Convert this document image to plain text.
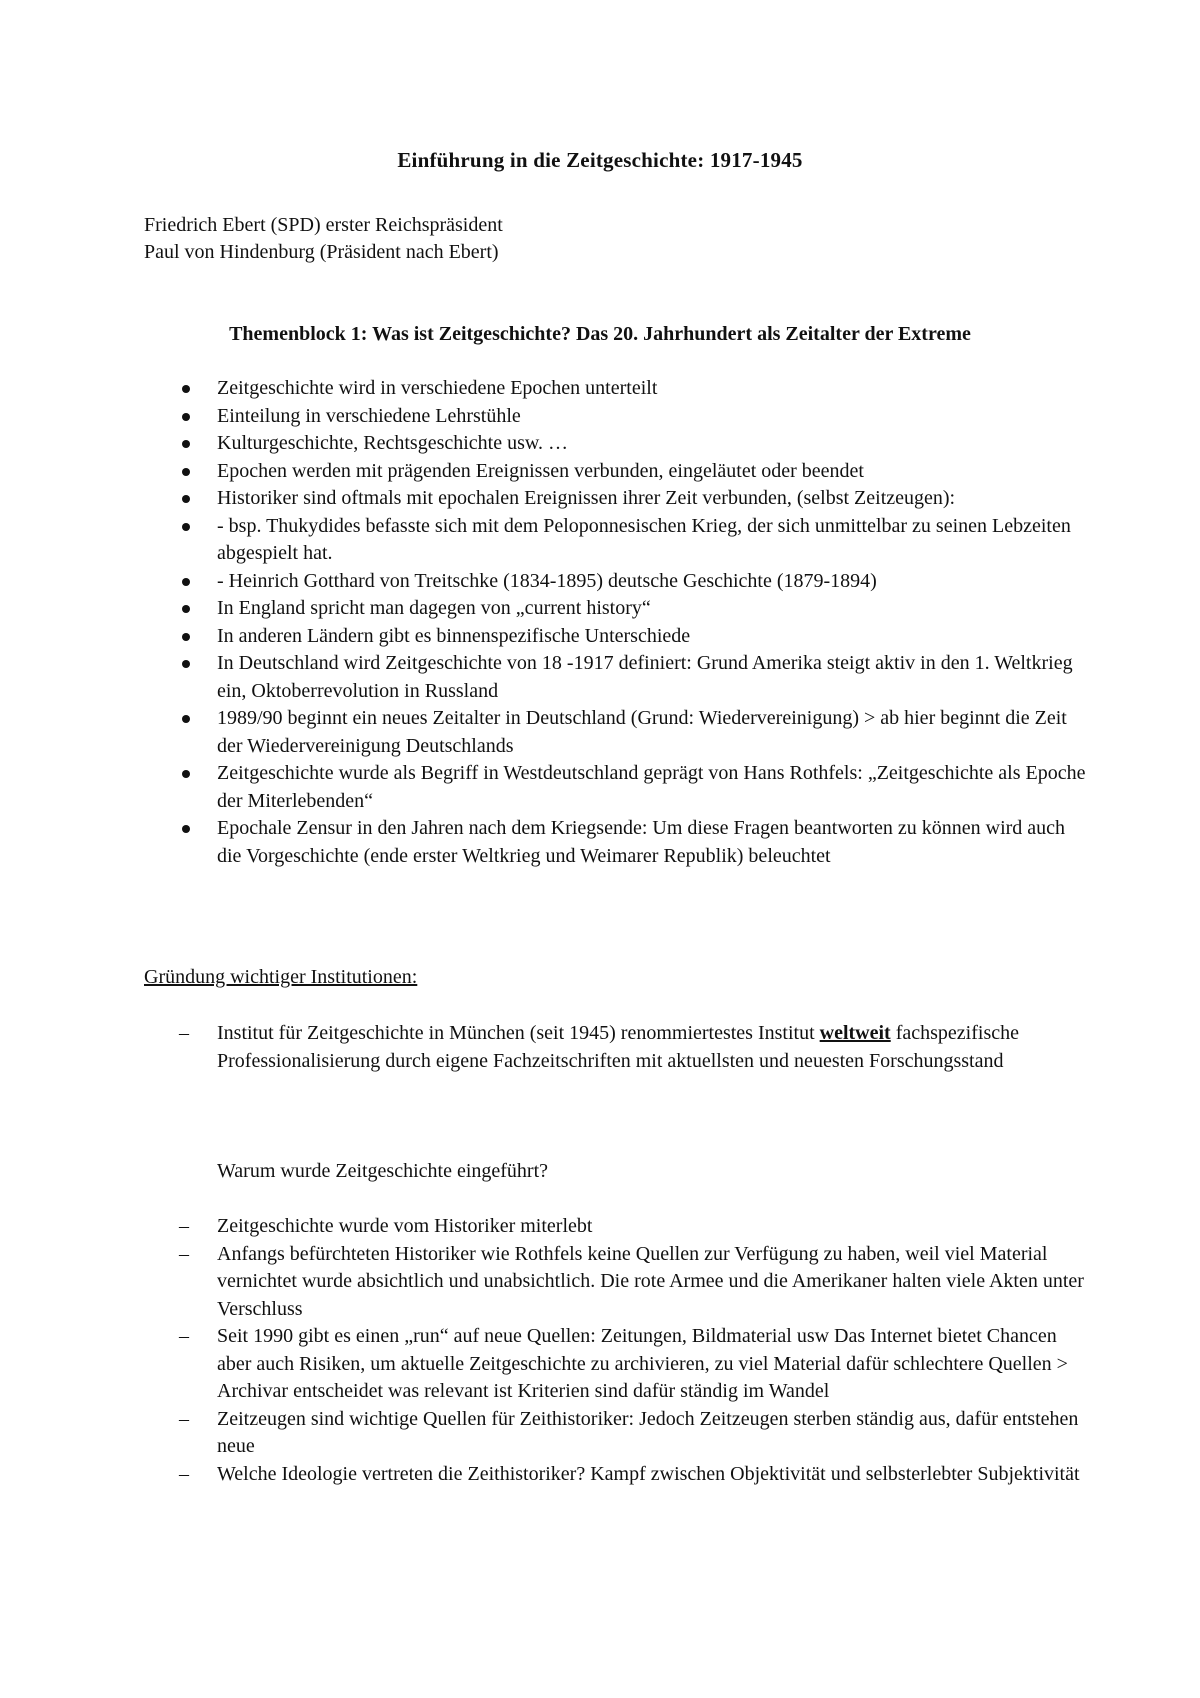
Einführung in die Zeitgeschichte: 1917-1945
Friedrich Ebert (SPD) erster Reichspräsident
Paul von Hindenburg (Präsident nach Ebert)
Themenblock 1: Was ist Zeitgeschichte? Das 20. Jahrhundert als Zeitalter der Extreme
Zeitgeschichte wird in verschiedene Epochen unterteilt
Einteilung in verschiedene Lehrstühle
Kulturgeschichte, Rechtsgeschichte usw. …
Epochen werden mit prägenden Ereignissen verbunden, eingeläutet oder beendet
Historiker sind oftmals mit epochalen Ereignissen ihrer Zeit verbunden, (selbst Zeitzeugen):
- bsp. Thukydides befasste sich mit dem Peloponnesischen Krieg, der sich unmittelbar zu seinen Lebzeiten abgespielt hat.
- Heinrich Gotthard von Treitschke (1834-1895) deutsche Geschichte (1879-1894)
In England spricht man dagegen von „current history“
In anderen Ländern gibt es binnenspezifische Unterschiede
In Deutschland wird Zeitgeschichte von 18 -1917 definiert: Grund Amerika steigt aktiv in den 1. Weltkrieg ein, Oktoberrevolution in Russland
1989/90 beginnt ein neues Zeitalter in Deutschland (Grund: Wiedervereinigung) > ab hier beginnt die Zeit der Wiedervereinigung Deutschlands
Zeitgeschichte wurde als Begriff in Westdeutschland geprägt von Hans Rothfels: „Zeitgeschichte als Epoche der Miterlebenden“
Epochale Zensur in den Jahren nach dem Kriegsende: Um diese Fragen beantworten zu können wird auch die Vorgeschichte (ende erster Weltkrieg und Weimarer Republik) beleuchtet
Gründung wichtiger Institutionen:
– Institut für Zeitgeschichte in München (seit 1945) renommiertestes Institut weltweit fachspezifische Professionalisierung durch eigene Fachzeitschriften mit aktuellsten und neuesten Forschungsstand
Warum wurde Zeitgeschichte eingeführt?
– Zeitgeschichte wurde vom Historiker miterlebt
– Anfangs befürchteten Historiker wie Rothfels keine Quellen zur Verfügung zu haben, weil viel Material vernichtet wurde absichtlich und unabsichtlich. Die rote Armee und die Amerikaner halten viele Akten unter Verschluss
– Seit 1990 gibt es einen „run“ auf neue Quellen: Zeitungen, Bildmaterial usw Das Internet bietet Chancen aber auch Risiken, um aktuelle Zeitgeschichte zu archivieren, zu viel Material dafür schlechtere Quellen > Archivar entscheidet was relevant ist Kriterien sind dafür ständig im Wandel
– Zeitzeugen sind wichtige Quellen für Zeithistoriker: Jedoch Zeitzeugen sterben ständig aus, dafür entstehen neue
– Welche Ideologie vertreten die Zeithistoriker? Kampf zwischen Objektivität und selbsterlebter Subjektivität
